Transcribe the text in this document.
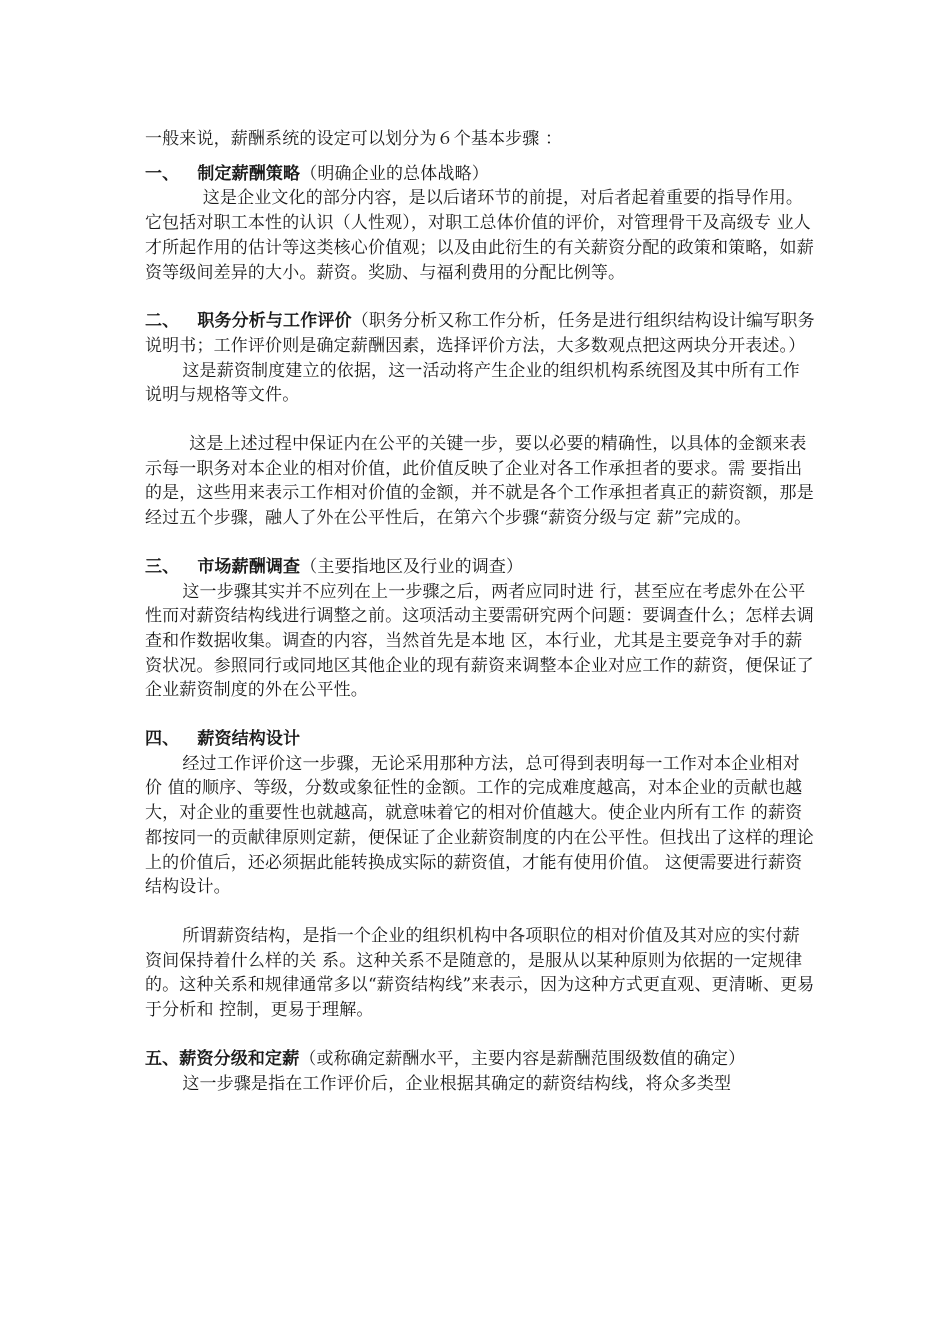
一般来说，薪酬系统的设定可以划分为６个基本步骤 ：

一、 制定薪酬策略（明确企业的总体战略）

这是企业文化的部分内容，是以后诸环节的前提，对后者起着重要的指导作用。它包括对职工本性的认识（人性观），对职工总体价值的评价，对管理骨干及高级专 业人才所起作用的估计等这类核心价值观；以及由此衍生的有关薪资分配的政策和策略，如薪资等级间差异的大小。薪资。奖励、与福利费用的分配比例等。

二、 职务分析与工作评价（职务分析又称工作分析，任务是进行组织结构设计编写职务说明书；工作评价则是确定薪酬因素，选择评价方法，大多数观点把这两块分开表述。）

这是薪资制度建立的依据，这一活动将产生企业的组织机构系统图及其中所有工作说明与规格等文件。

这是上述过程中保证内在公平的关键一步，要以必要的精确性，以具体的金额来表示每一职务对本企业的相对价值，此价值反映了企业对各工作承担者的要求。需 要指出的是，这些用来表示工作相对价值的金额，并不就是各个工作承担者真正的薪资额，那是经过五个步骤，融人了外在公平性后，在第六个步骤“薪资分级与定 薪”完成的。

三、 市场薪酬调查（主要指地区及行业的调查）

这一步骤其实并不应列在上一步骤之后，两者应同时进 行，甚至应在考虑外在公平性而对薪资结构线进行调整之前。这项活动主要需研究两个问题：要调查什么；怎样去调查和作数据收集。调查的内容，当然首先是本地 区，本行业，尤其是主要竞争对手的薪资状况。参照同行或同地区其他企业的现有薪资来调整本企业对应工作的薪资，便保证了企业薪资制度的外在公平性。

四、 薪资结构设计

经过工作评价这一步骤，无论采用那种方法，总可得到表明每一工作对本企业相对价 值的顺序、等级，分数或象征性的金额。工作的完成难度越高，对本企业的贡献也越大，对企业的重要性也就越高，就意味着它的相对价值越大。使企业内所有工作 的薪资都按同一的贡献律原则定薪，便保证了企业薪资制度的内在公平性。但找出了这样的理论上的价值后，还必须据此能转换成实际的薪资值，才能有使用价值。 这便需要进行薪资结构设计。

所谓薪资结构，是指一个企业的组织机构中各项职位的相对价值及其对应的实付薪资间保持着什么样的关 系。这种关系不是随意的，是服从以某种原则为依据的一定规律的。这种关系和规律通常多以“薪资结构线”来表示，因为这种方式更直观、更清晰、更易于分析和 控制，更易于理解。

五、薪资分级和定薪（或称确定薪酬水平，主要内容是薪酬范围级数值的确定）

这一步骤是指在工作评价后，企业根据其确定的薪资结构线，将众多类型
